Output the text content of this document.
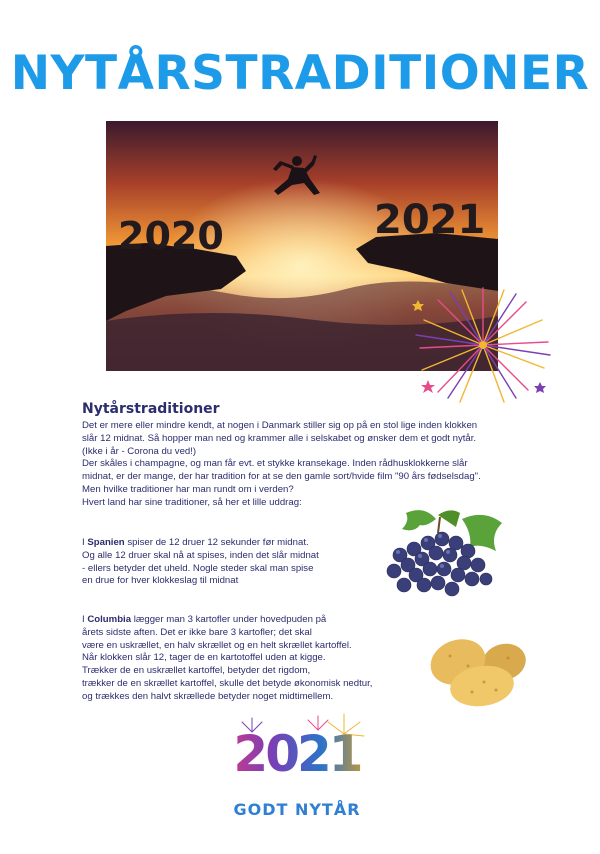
NYTÅRSTRADITIONER
2020	2021
Nytårstraditioner

Det er mere eller mindre kendt, at nogen i Danmark stiller sig op på en stol lige inden klokken

slår 12 midnat. Så hopper man ned og krammer alle i selskabet og ønsker dem et godt nytår.

(Ikke i år - Corona du ved!)

Der skåles i champagne, og man får evt. et stykke kransekage. Inden rådhusklokkerne slår

midnat, er der mange, der har tradition for at se den gamle sort/hvide film "90 års fødselsdag".

Men hvilke traditioner har man rundt om i verden?

Hvert land har sine traditioner, så her et lille uddrag:

I Spanien spiser de 12 druer 12 sekunder før midnat.

Og alle 12 druer skal nå at spises, inden det slår midnat

- ellers betyder det uheld. Nogle steder skal man spise

en drue for hver klokkeslag til midnat

I Columbia lægger man 3 kartofler under hovedpuden på

årets sidste aften. Det er ikke bare 3 kartofler; det skal

være en uskrællet, en halv skrællet og en helt skrællet kartoffel.

Når klokken slår 12, tager de en kartotoffel uden at kigge.

Trækker de en uskrællet kartoffel, betyder det rigdom,

trækker de en skrællet kartoffel, skulle det betyde økonomisk nedtur,

og trækkes den halvt skrællede betyder noget midtimellem.

2021
GODT NYTÅR
